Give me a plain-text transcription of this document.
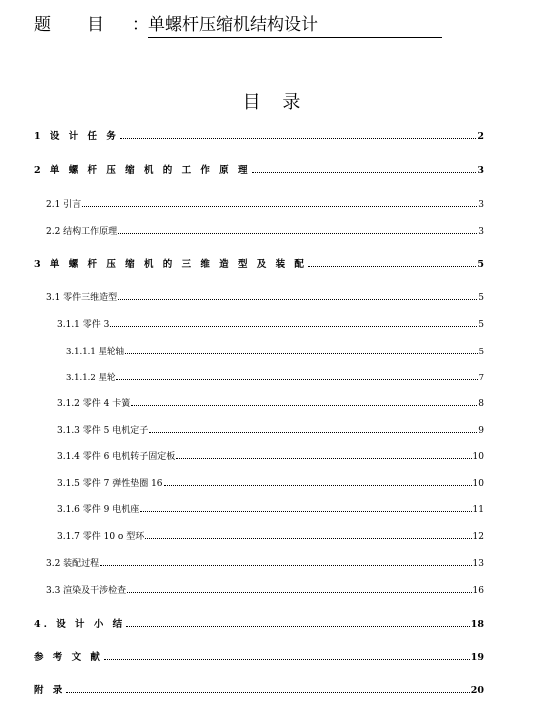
题 目 ： 单螺杆压缩机结构设计
目 录
1 设 计 任 务	2
2 单 螺 杆 压 缩 机 的 工 作 原 理	3
2.1 引言	3
2.2 结构工作原理	3
3 单 螺 杆 压 缩 机 的 三 维 造 型 及 装 配	5
3.1 零件三维造型	5
3.1.1 零件 3	5
3.1.1.1 星轮轴	5
3.1.1.2 星轮	7
3.1.2 零件 4 卡簧	8
3.1.3 零件 5 电机定子	9
3.1.4 零件 6 电机转子固定板	10
3.1.5 零件 7 弹性垫圈 16	10
3.1.6 零件 9 电机座	11
3.1.7 零件 10 o 型环	12
3.2 装配过程	13
3.3 渲染及干涉检查	16
4. 设 计 小 结	18
参 考 文 献	19
附 录	20
